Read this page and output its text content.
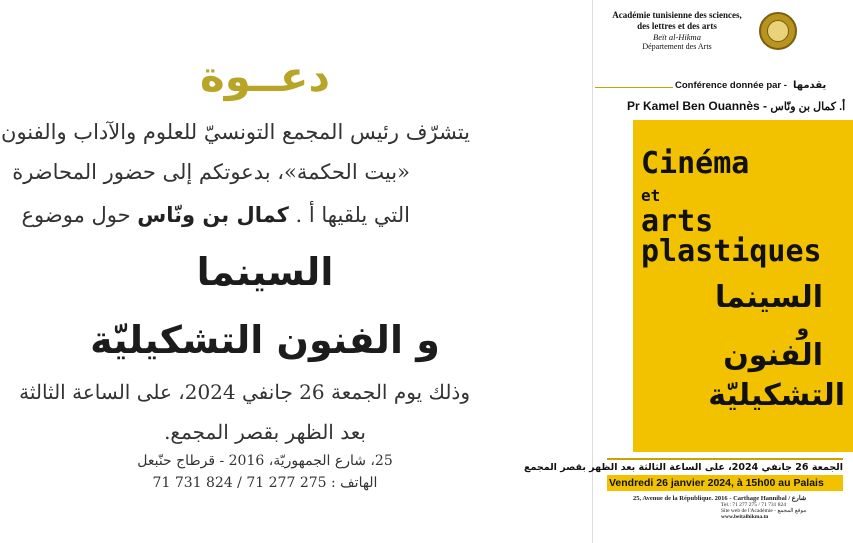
دعــوة
يتشرّف رئيس المجمع التونسيّ للعلوم والآداب والفنون
«بيت الحكمة»، بدعوتكم إلى حضور المحاضرة
التي يلقيها أ . كمال بن ونّاس حول موضوع
السينما
و الفنون التشكيليّة
وذلك يوم الجمعة 26 جانفي 2024، على الساعة الثالثة
بعد الظهر بقصر المجمع.
25، شارع الجمهوريّة، 2016 - قرطاج حنّبعل
الهاتف : 275 277 71 / 824 731 71
Académie tunisienne des sciences,
des lettres et des arts
Beït al-Hikma
Département des Arts
Conférence donnée par - يقدمها
Pr Kamel Ben Ouannès - أ. كمال بن ونّاس
Cinéma
et
arts
plastiques
السينما
و
الفنون
التشكيليّة
الجمعة 26 جانفي 2024، على الساعة الثالثة بعد الظهر بقصر المجمع
Vendredi 26 janvier 2024, à 15h00 au Palais
25, Avenue de la République. 2016 - Carthage Hannibal / شارع
Tel.: 71 277 275 / 71 731 824
Site web de l'Académie - موقع المجمع
www.beitalhikma.tn
